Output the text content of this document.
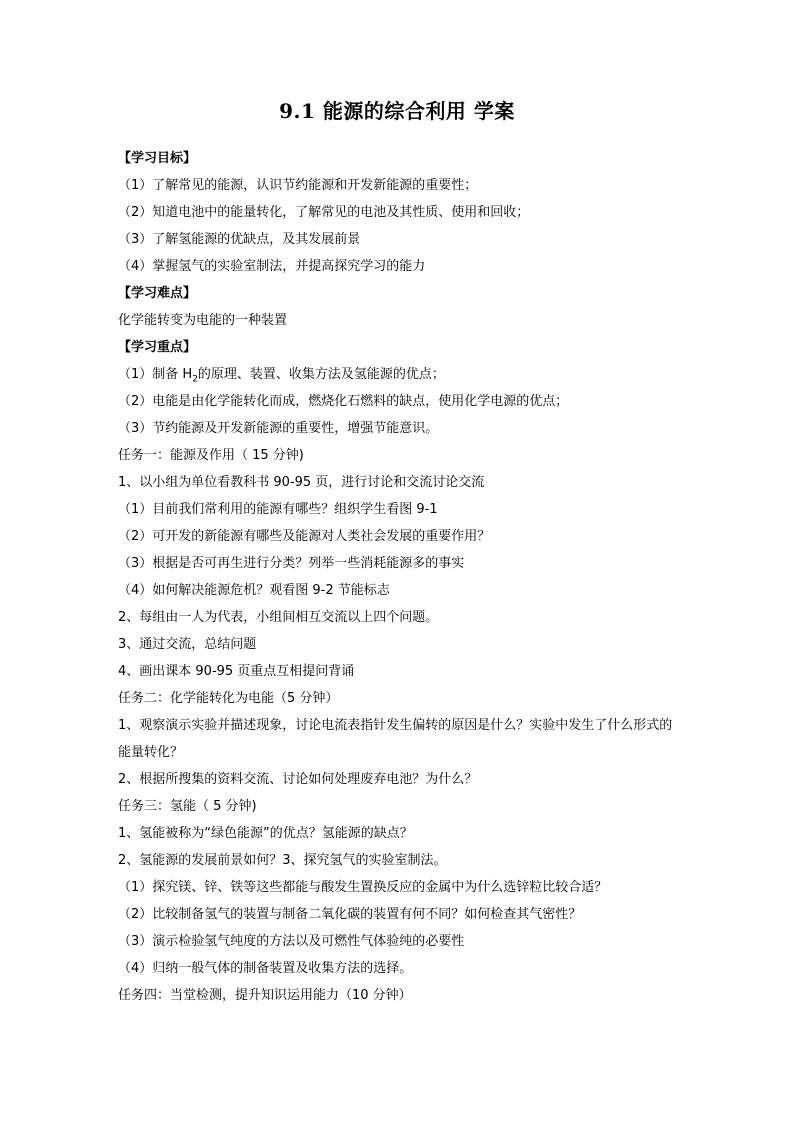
9.1 能源的综合利用 学案
【学习目标】
（1）了解常见的能源，认识节约能源和开发新能源的重要性；
（2）知道电池中的能量转化，了解常见的电池及其性质、使用和回收；
（3）了解氢能源的优缺点，及其发展前景
（4）掌握氢气的实验室制法，并提高探究学习的能力
【学习难点】
化学能转变为电能的一种装置
【学习重点】
（1）制备 $H_2$的原理、装置、收集方法及氢能源的优点；
（2）电能是由化学能转化而成，燃烧化石燃料的缺点，使用化学电源的优点；
（3）节约能源及开发新能源的重要性，增强节能意识。
任务一：能源及作用（ 15 分钟)
1、以小组为单位看教科书 90-95 页，进行讨论和交流讨论交流
（1）目前我们常利用的能源有哪些？组织学生看图 9-1
（2）可开发的新能源有哪些及能源对人类社会发展的重要作用？
（3）根据是否可再生进行分类？列举一些消耗能源多的事实
（4）如何解决能源危机？观看图 9-2 节能标志
2、每组由一人为代表，小组间相互交流以上四个问题。
3、通过交流，总结问题
4、画出课本 90-95 页重点互相提问背诵
任务二：化学能转化为电能（5 分钟）
1、观察演示实验并描述现象，讨论电流表指针发生偏转的原因是什么？实验中发生了什么形式的能量转化？
2、根据所搜集的资料交流、讨论如何处理废弃电池？为什么？
任务三：氢能（ 5 分钟)
1、氢能被称为“绿色能源”的优点？氢能源的缺点？
2、氢能源的发展前景如何？3、探究氢气的实验室制法。
（1）探究镁、锌、铁等这些都能与酸发生置换反应的金属中为什么选锌粒比较合适？
（2）比较制备氢气的装置与制备二氧化碳的装置有何不同？如何检查其气密性？
（3）演示检验氢气纯度的方法以及可燃性气体验纯的必要性
（4）归纳一般气体的制备装置及收集方法的选择。
任务四：当堂检测，提升知识运用能力（10 分钟）
